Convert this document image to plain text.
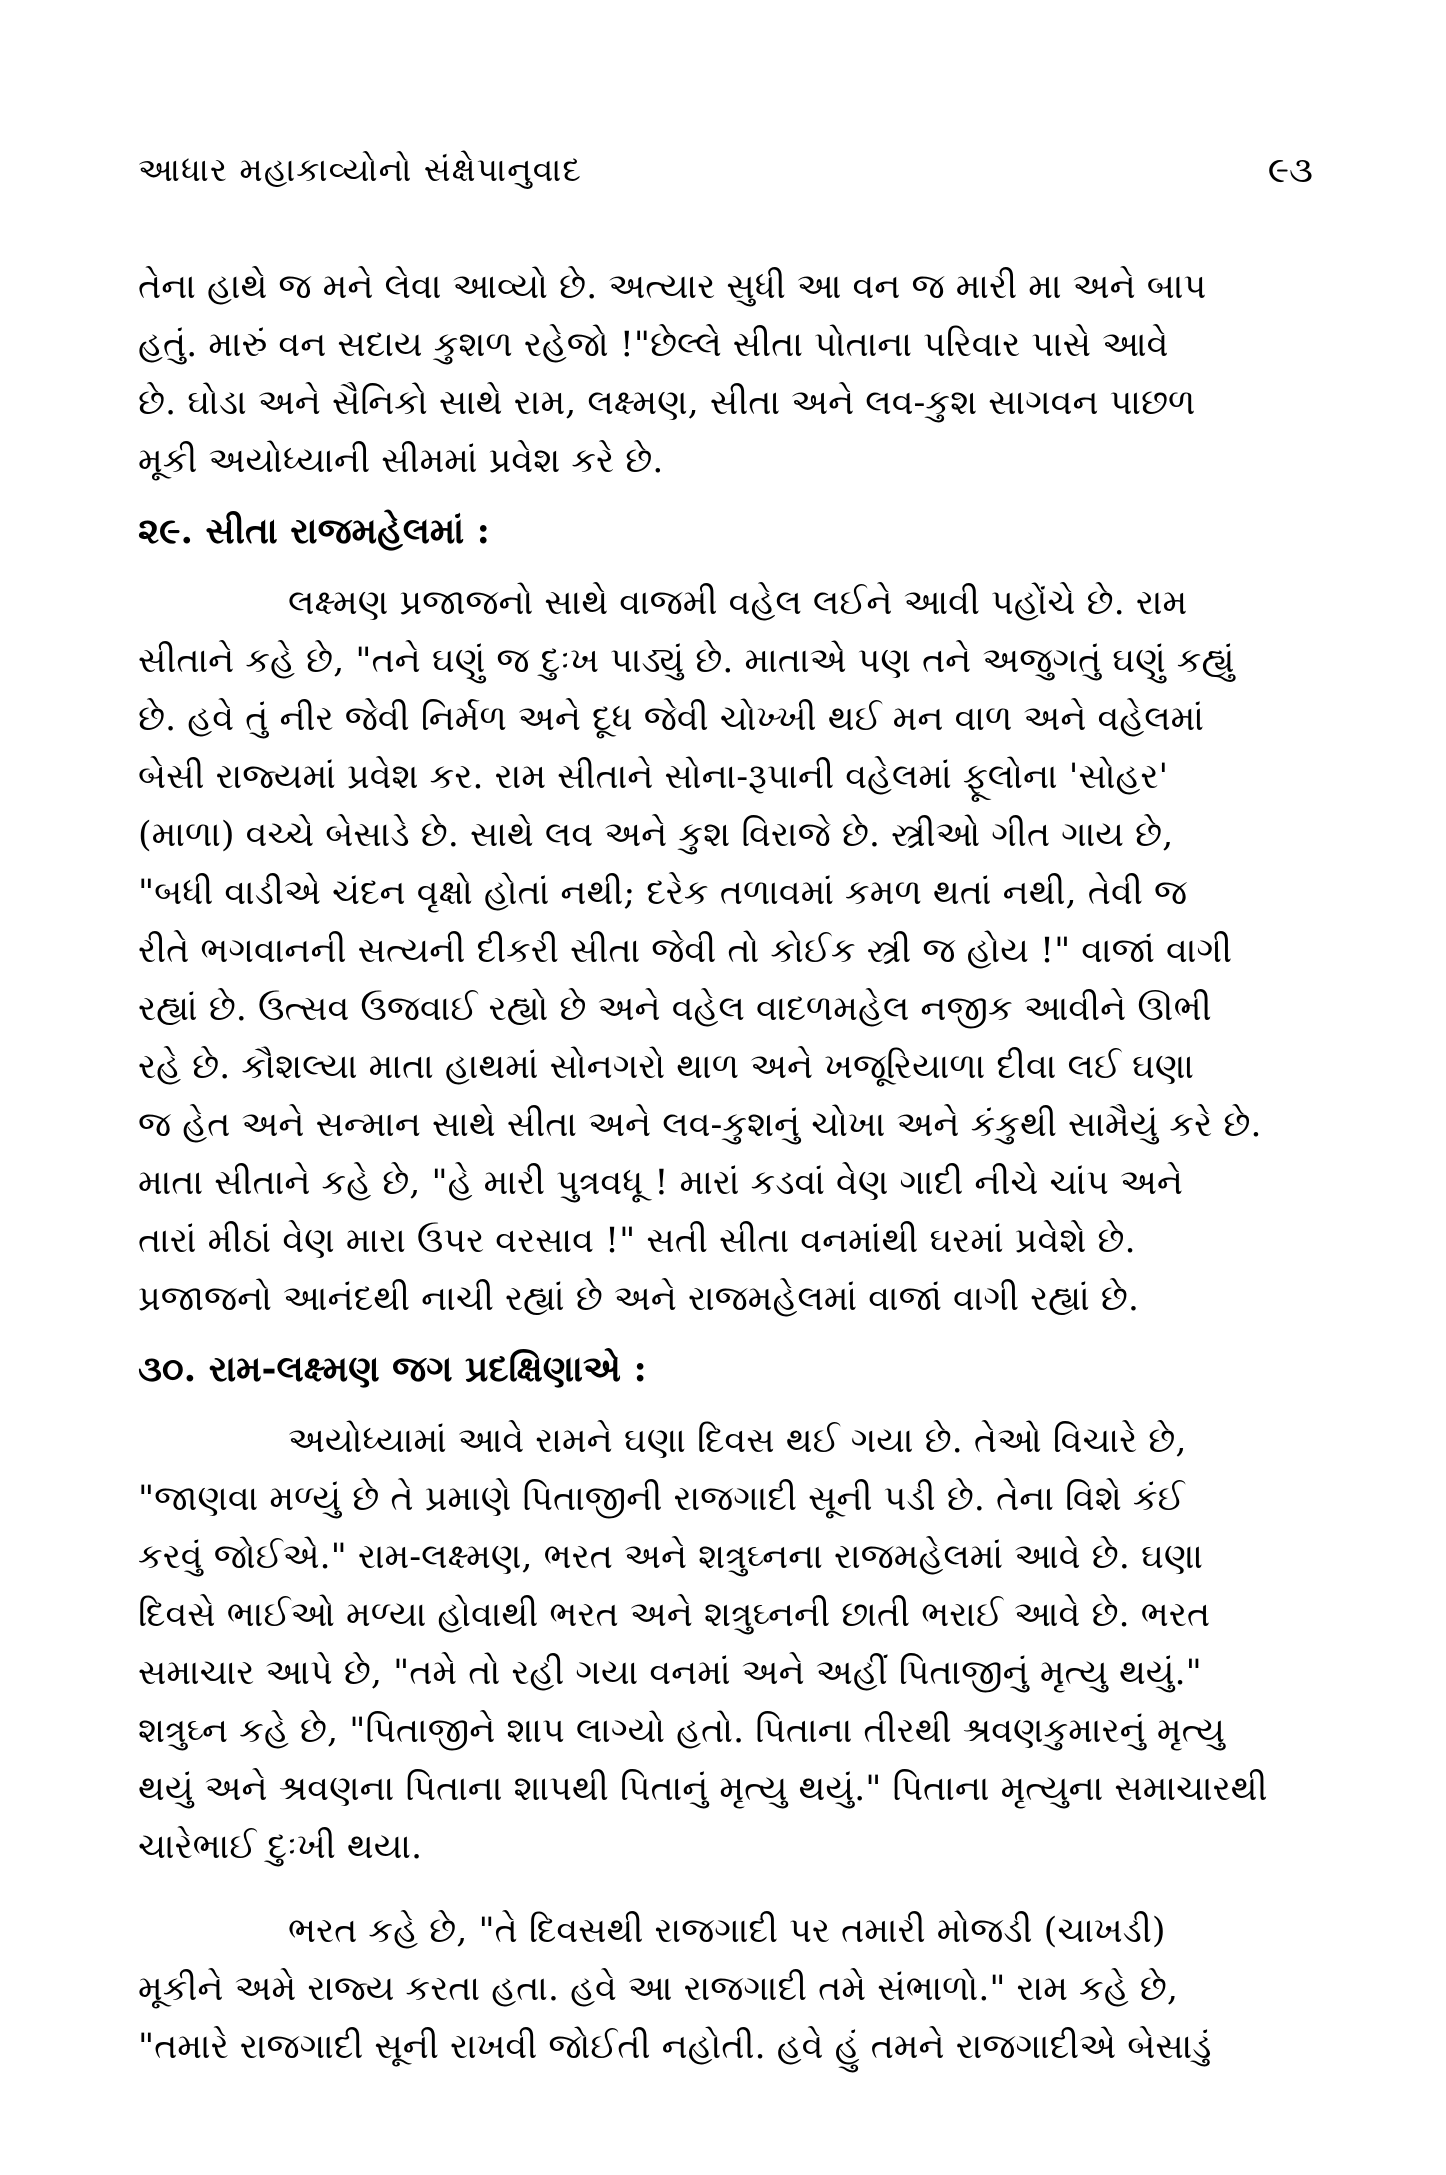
આધાર મહાકાવ્યોનો સંક્ષેપાનુવાદ	૯૩
તેના હાથે જ મને લેવા આવ્યો છે. અત્યાર સુધી આ વન જ મારી મા અને બાપ
હતું. મારું વન સદાય કુશળ રહેજો !"છેલ્લે સીતા પોતાના પરિવાર પાસે આવે
છે. ઘોડા અને સૈનિકો સાથે રામ, લક્ષ્મણ, સીતા અને લવ-કુશ સાગવન પાછળ
મૂકી અયોધ્યાની સીમમાં પ્રવેશ કરે છે.
૨૯. સીતા રાજમહેલમાં :
લક્ષ્મણ પ્રજાજનો સાથે વાજમી વહેલ લઈને આવી પહોંચે છે. રામ
સીતાને કહે છે, "તને ઘણું જ દુઃખ પાડ્યું છે. માતાએ પણ તને અજુગતું ઘણું કહ્યું
છે. હવે તું નીર જેવી નિર્મળ અને દૂધ જેવી ચોખ્ખી થઈ મન વાળ અને વહેલમાં
બેસી રાજ્યમાં પ્રવેશ કર. રામ સીતાને સોના-રૂપાની વહેલમાં ફૂલોના 'સોહર'
(માળા) વચ્ચે બેસાડે છે. સાથે લવ અને કુશ વિરાજે છે. સ્ત્રીઓ ગીત ગાય છે,
"બધી વાડીએ ચંદન વૃક્ષો હોતાં નથી; દરેક તળાવમાં કમળ થતાં નથી, તેવી જ
રીતે ભગવાનની સત્યની દીકરી સીતા જેવી તો કોઈક સ્ત્રી જ હોય !" વાજાં વાગી
રહ્યાં છે. ઉત્સવ ઉજવાઈ રહ્યો છે અને વહેલ વાદળમહેલ નજીક આવીને ઊભી
રહે છે. કૌશલ્યા માતા હાથમાં સોનગરો થાળ અને ખજૂરિયાળા દીવા લઈ ઘણા
જ હેત અને સન્માન સાથે સીતા અને લવ-કુશનું ચોખા અને કંકુથી સામૈયું કરે છે.
માતા સીતાને કહે છે, "હે મારી પુત્રવધૂ ! મારાં કડવાં વેણ ગાદી નીચે ચાંપ અને
તારાં મીઠાં વેણ મારા ઉપર વરસાવ !" સતી સીતા વનમાંથી ઘરમાં પ્રવેશે છે.
પ્રજાજનો આનંદથી નાચી રહ્યાં છે અને રાજમહેલમાં વાજાં વાગી રહ્યાં છે.
૩૦. રામ-લક્ષ્મણ જગ પ્રદક્ષિણાએ :
અયોધ્યામાં આવે રામને ઘણા દિવસ થઈ ગયા છે. તેઓ વિચારે છે,
"જાણવા મળ્યું છે તે પ્રમાણે પિતાજીની રાજગાદી સૂની પડી છે. તેના વિશે કંઈ
કરવું જોઈએ." રામ-લક્ષ્મણ, ભરત અને શત્રુઘ્નના રાજમહેલમાં આવે છે. ઘણા
દિવસે ભાઈઓ મળ્યા હોવાથી ભરત અને શત્રુઘ્નની છાતી ભરાઈ આવે છે. ભરત
સમાચાર આપે છે, "તમે તો રહી ગયા વનમાં અને અહીં પિતાજીનું મૃત્યુ થયું."
શત્રુઘ્ન કહે છે, "પિતાજીને શાપ લાગ્યો હતો. પિતાના તીરથી શ્રવણકુમારનું મૃત્યુ
થયું અને શ્રવણના પિતાના શાપથી પિતાનું મૃત્યુ થયું." પિતાના મૃત્યુના સમાચારથી
ચારેભાઈ દુઃખી થયા.
ભરત કહે છે, "તે દિવસથી રાજગાદી પર તમારી મોજડી (ચાખડી)
મૂકીને અમે રાજ્ય કરતા હતા. હવે આ રાજગાદી તમે સંભાળો." રામ કહે છે,
"તમારે રાજગાદી સૂની રાખવી જોઈતી નહોતી. હવે હું તમને રાજગાદીએ બેસાડું
